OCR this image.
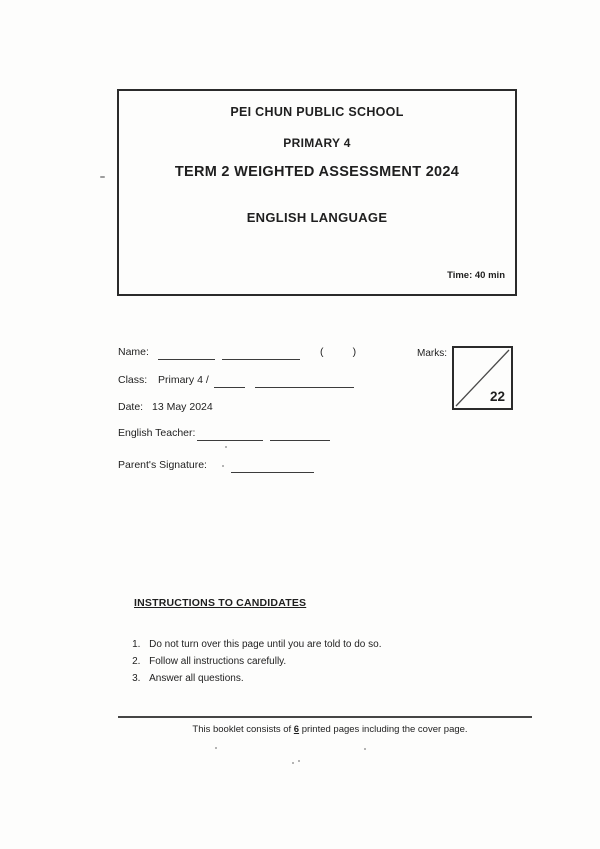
PEI CHUN PUBLIC SCHOOL
PRIMARY 4
TERM 2 WEIGHTED ASSESSMENT 2024
ENGLISH LANGUAGE
Time: 40 min
Name:	(          )
Class: Primary 4 /
Date: 13 May 2024
English Teacher:
Parent's Signature:
Marks:
22
INSTRUCTIONS TO CANDIDATES

1. Do not turn over this page until you are told to do so.

2. Follow all instructions carefully.

3. Answer all questions.

This booklet consists of 6 printed pages including the cover page.
